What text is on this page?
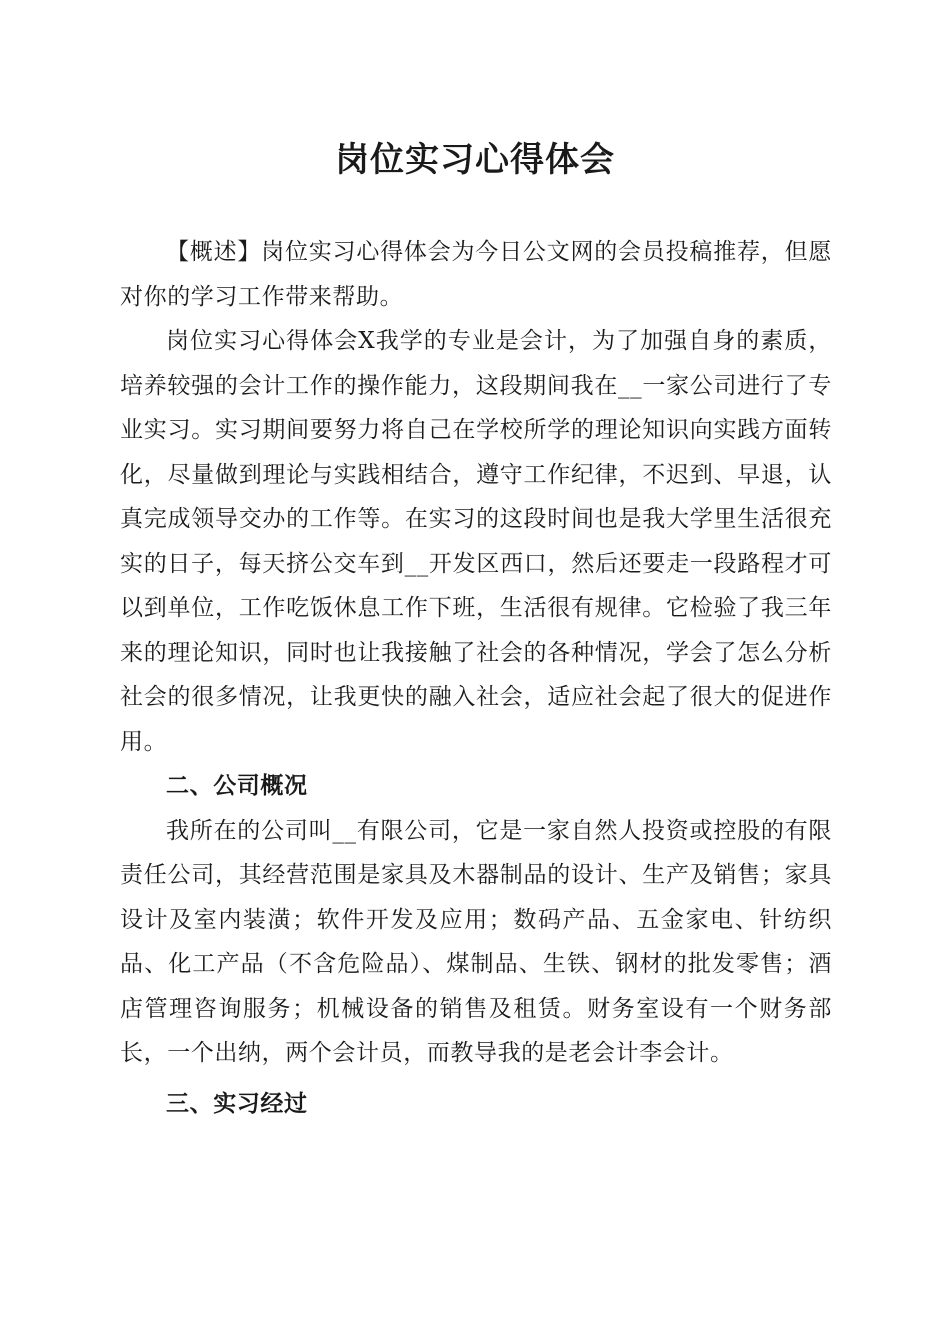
岗位实习心得体会

【概述】岗位实习心得体会为今日公文网的会员投稿推荐，但愿对你的学习工作带来帮助。

岗位实习心得体会X我学的专业是会计，为了加强自身的素质，培养较强的会计工作的操作能力，这段期间我在__一家公司进行了专业实习。实习期间要努力将自己在学校所学的理论知识向实践方面转化，尽量做到理论与实践相结合，遵守工作纪律，不迟到、早退，认真完成领导交办的工作等。在实习的这段时间也是我大学里生活很充实的日子，每天挤公交车到__开发区西口，然后还要走一段路程才可以到单位，工作吃饭休息工作下班，生活很有规律。它检验了我三年来的理论知识，同时也让我接触了社会的各种情况，学会了怎么分析社会的很多情况，让我更快的融入社会，适应社会起了很大的促进作用。

二、公司概况

我所在的公司叫__有限公司，它是一家自然人投资或控股的有限责任公司，其经营范围是家具及木器制品的设计、生产及销售；家具设计及室内装潢；软件开发及应用；数码产品、五金家电、针纺织品、化工产品（不含危险品）、煤制品、生铁、钢材的批发零售；酒店管理咨询服务；机械设备的销售及租赁。财务室设有一个财务部长，一个出纳，两个会计员，而教导我的是老会计李会计。

三、实习经过
